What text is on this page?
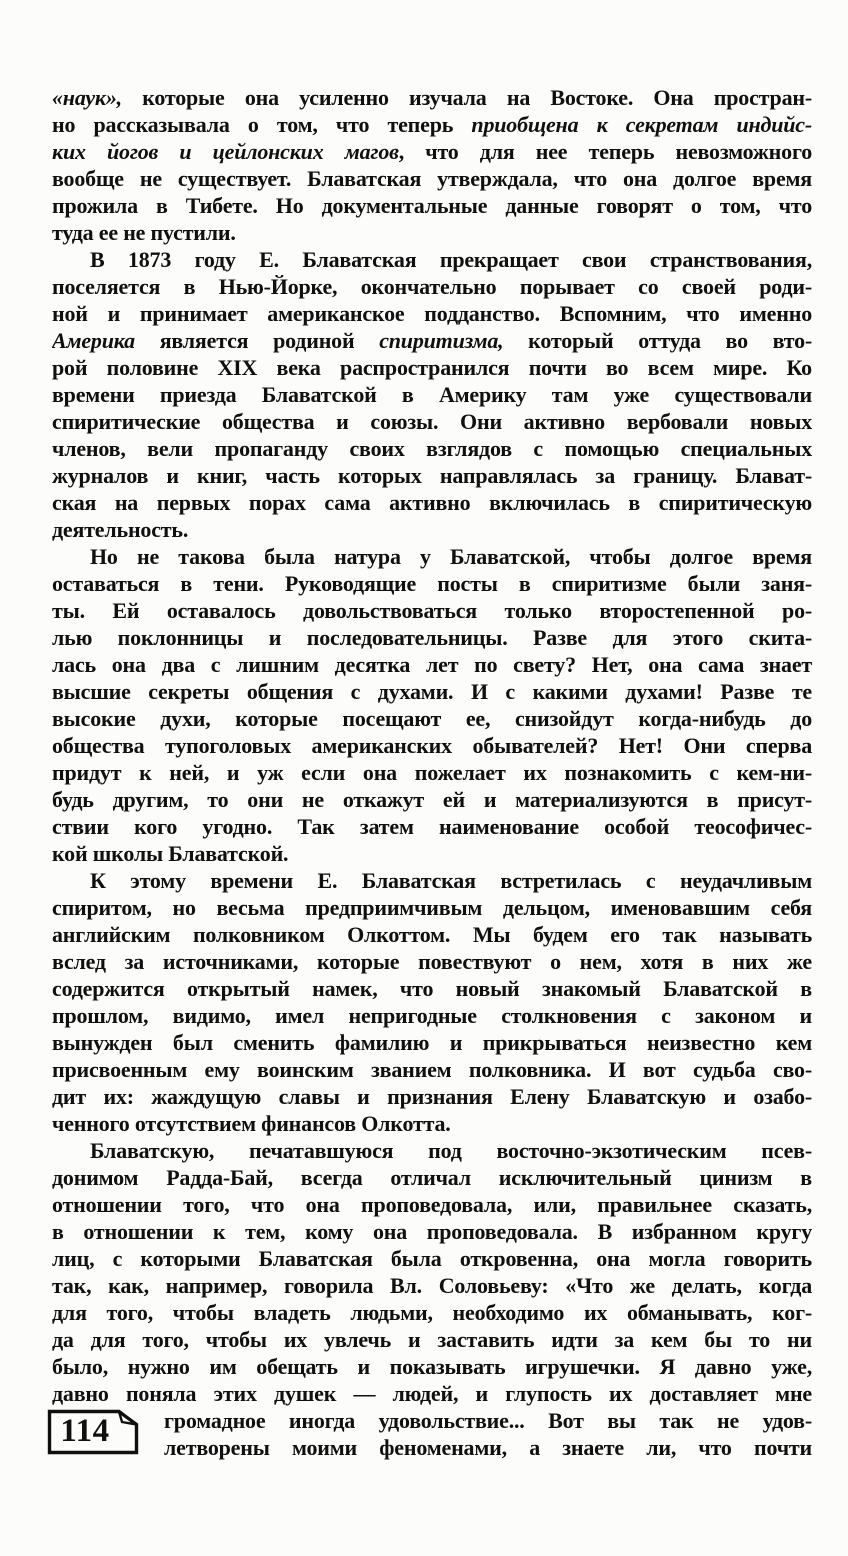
«наук», которые она усиленно изучала на Востоке. Она простран-
но рассказывала о том, что теперь приобщена к секретам индийс-
ких йогов и цейлонских магов, что для нее теперь невозможного
вообще не существует. Блаватская утверждала, что она долгое время
прожила в Тибете. Но документальные данные говорят о том, что
туда ее не пустили.
В 1873 году Е. Блаватская прекращает свои странствования,
поселяется в Нью-Йорке, окончательно порывает со своей роди-
ной и принимает американское подданство. Вспомним, что именно
Америка является родиной спиритизма, который оттуда во вто-
рой половине XIX века распространился почти во всем мире. Ко
времени приезда Блаватской в Америку там уже существовали
спиритические общества и союзы. Они активно вербовали новых
членов, вели пропаганду своих взглядов с помощью специальных
журналов и книг, часть которых направлялась за границу. Блават-
ская на первых порах сама активно включилась в спиритическую
деятельность.
Но не такова была натура у Блаватской, чтобы долгое время
оставаться в тени. Руководящие посты в спиритизме были заня-
ты. Ей оставалось довольствоваться только второстепенной ро-
лью поклонницы и последовательницы. Разве для этого скита-
лась она два с лишним десятка лет по свету? Нет, она сама знает
высшие секреты общения с духами. И с какими духами! Разве те
высокие духи, которые посещают ее, снизойдут когда-нибудь до
общества тупоголовых американских обывателей? Нет! Они сперва
придут к ней, и уж если она пожелает их познакомить с кем-ни-
будь другим, то они не откажут ей и материализуются в присут-
ствии кого угодно. Так затем наименование особой теософичес-
кой школы Блаватской.
К этому времени Е. Блаватская встретилась с неудачливым
спиритом, но весьма предприимчивым дельцом, именовавшим себя
английским полковником Олкоттом. Мы будем его так называть
вслед за источниками, которые повествуют о нем, хотя в них же
содержится открытый намек, что новый знакомый Блаватской в
прошлом, видимо, имел непригодные столкновения с законом и
вынужден был сменить фамилию и прикрываться неизвестно кем
присвоенным ему воинским званием полковника. И вот судьба сво-
дит их: жаждущую славы и признания Елену Блаватскую и озабо-
ченного отсутствием финансов Олкотта.
Блаватскую, печатавшуюся под восточно-экзотическим псев-
донимом Радда-Бай, всегда отличал исключительный цинизм в
отношении того, что она проповедовала, или, правильнее сказать,
в отношении к тем, кому она проповедовала. В избранном кругу
лиц, с которыми Блаватская была откровенна, она могла говорить
так, как, например, говорила Вл. Соловьеву: «Что же делать, когда
для того, чтобы владеть людьми, необходимо их обманывать, ког-
да для того, чтобы их увлечь и заставить идти за кем бы то ни
было, нужно им обещать и показывать игрушечки. Я давно уже,
давно поняла этих душек — людей, и глупость их доставляет мне
114	громадное иногда удовольствие... Вот вы так не удов-
летворены моими феноменами, а знаете ли, что почти
